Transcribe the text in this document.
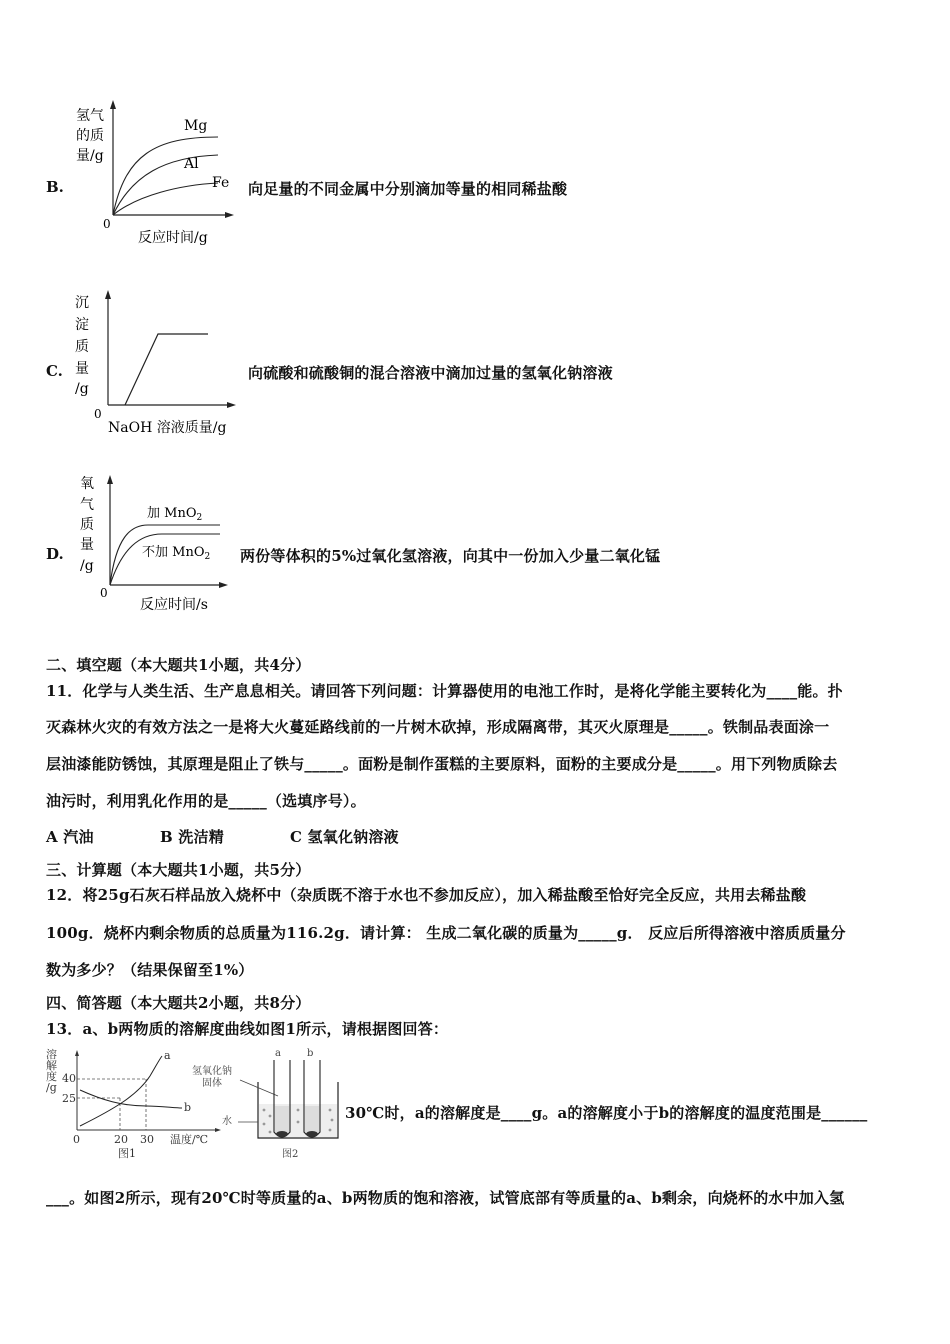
B.
氢气
的质
量/g
0
Mg
Al
Fe
反应时间/g
向足量的不同金属中分别滴加等量的相同稀盐酸
C.
沉
淀
质
量
/g
0
NaOH 溶液质量/g
向硫酸和硫酸铜的混合溶液中滴加过量的氢氧化钠溶液
D.
氧
气
质
量
/g
0
加 MnO$_2$
不加 MnO$_2$
反应时间/s
两份等体积的5%过氧化氢溶液，向其中一份加入少量二氧化锰
二、填空题（本大题共1小题，共4分）
11．化学与人类生活、生产息息相关。请回答下列问题：计算器使用的电池工作时，是将化学能主要转化为____能。扑
灭森林火灾的有效方法之一是将大火蔓延路线前的一片树木砍掉，形成隔离带，其灭火原理是_____。铁制品表面涂一
层油漆能防锈蚀，其原理是阻止了铁与_____。面粉是制作蛋糕的主要原料，面粉的主要成分是_____。用下列物质除去
油污时，利用乳化作用的是_____（选填序号）。
A 汽油	B 洗洁精	C 氢氧化钠溶液
三、计算题（本大题共1小题，共5分）
12．将25g石灰石样品放入烧杯中（杂质既不溶于水也不参加反应），加入稀盐酸至恰好完全反应，共用去稀盐酸
100g．烧杯内剩余物质的总质量为116.2g．请计算： 生成二氧化碳的质量为_____g． 反应后所得溶液中溶质质量分
数为多少？（结果保留至1%）
四、简答题（本大题共2小题，共8分）
13．a、b两物质的溶解度曲线如图1所示，请根据图回答：
溶
解
度
/g
40
25
0	20 30 温度/℃
a
b
图1
氢氧化钠
固体
水
a	b
图2
30℃时，a的溶解度是____g。a的溶解度小于b的溶解度的温度范围是______
___。如图2所示，现有20℃时等质量的a、b两物质的饱和溶液，试管底部有等质量的a、b剩余，向烧杯的水中加入氢
